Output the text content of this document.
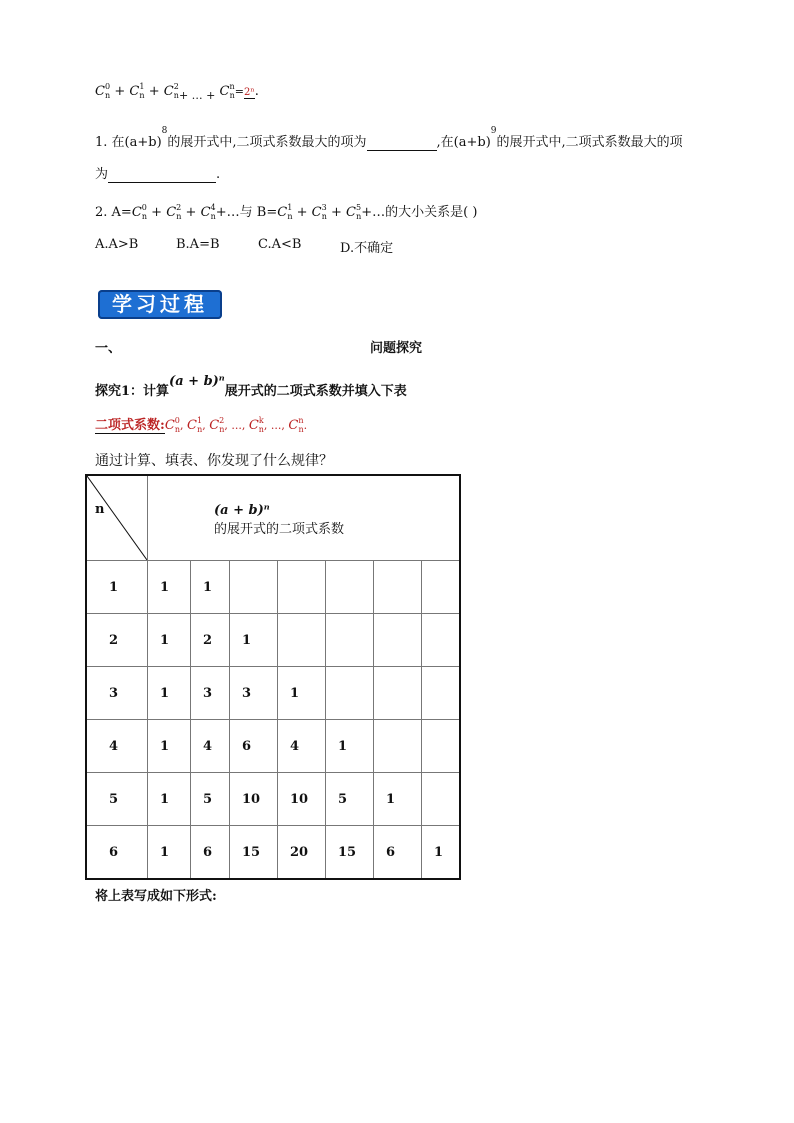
$C^0_n + C^1_n + C^2_{n+ \dots +}$ $C^n_n=2^n$.
1. 在$(a+b)^8$的展开式中,二项式系数最大的项为	,在$(a+b)^9$的展开式中,二项式系数最大的项
为	.
2. $A=C^0_n + C^2_n$ + $C^4_n+\dots$与 $B=C^1_n + C^3_n$ + $C^5_n+\dots$的大小关系是( )
A.A>B	B.A=B	C.A<B	D.不确定
学习过程
一、	问题探究
探究1：计算(a + b)ⁿ展开式的二项式系数并填入下表
二项式系数$:C^0_n$, $C^1_n$, $C^2_n$, ..., $C^k_n$, ..., $C^n_n$.
通过计算、填表、你发现了什么规律？
n	(a + b)ⁿ
的展开式的二项式系数						
1	1	1					
2	1	2	1				
3	1	3	3	1			
4	1	4	6	4	1		
5	1	5	10	10	5	1	
6	1	6	15	20	15	6	1
将上表写成如下形式:
